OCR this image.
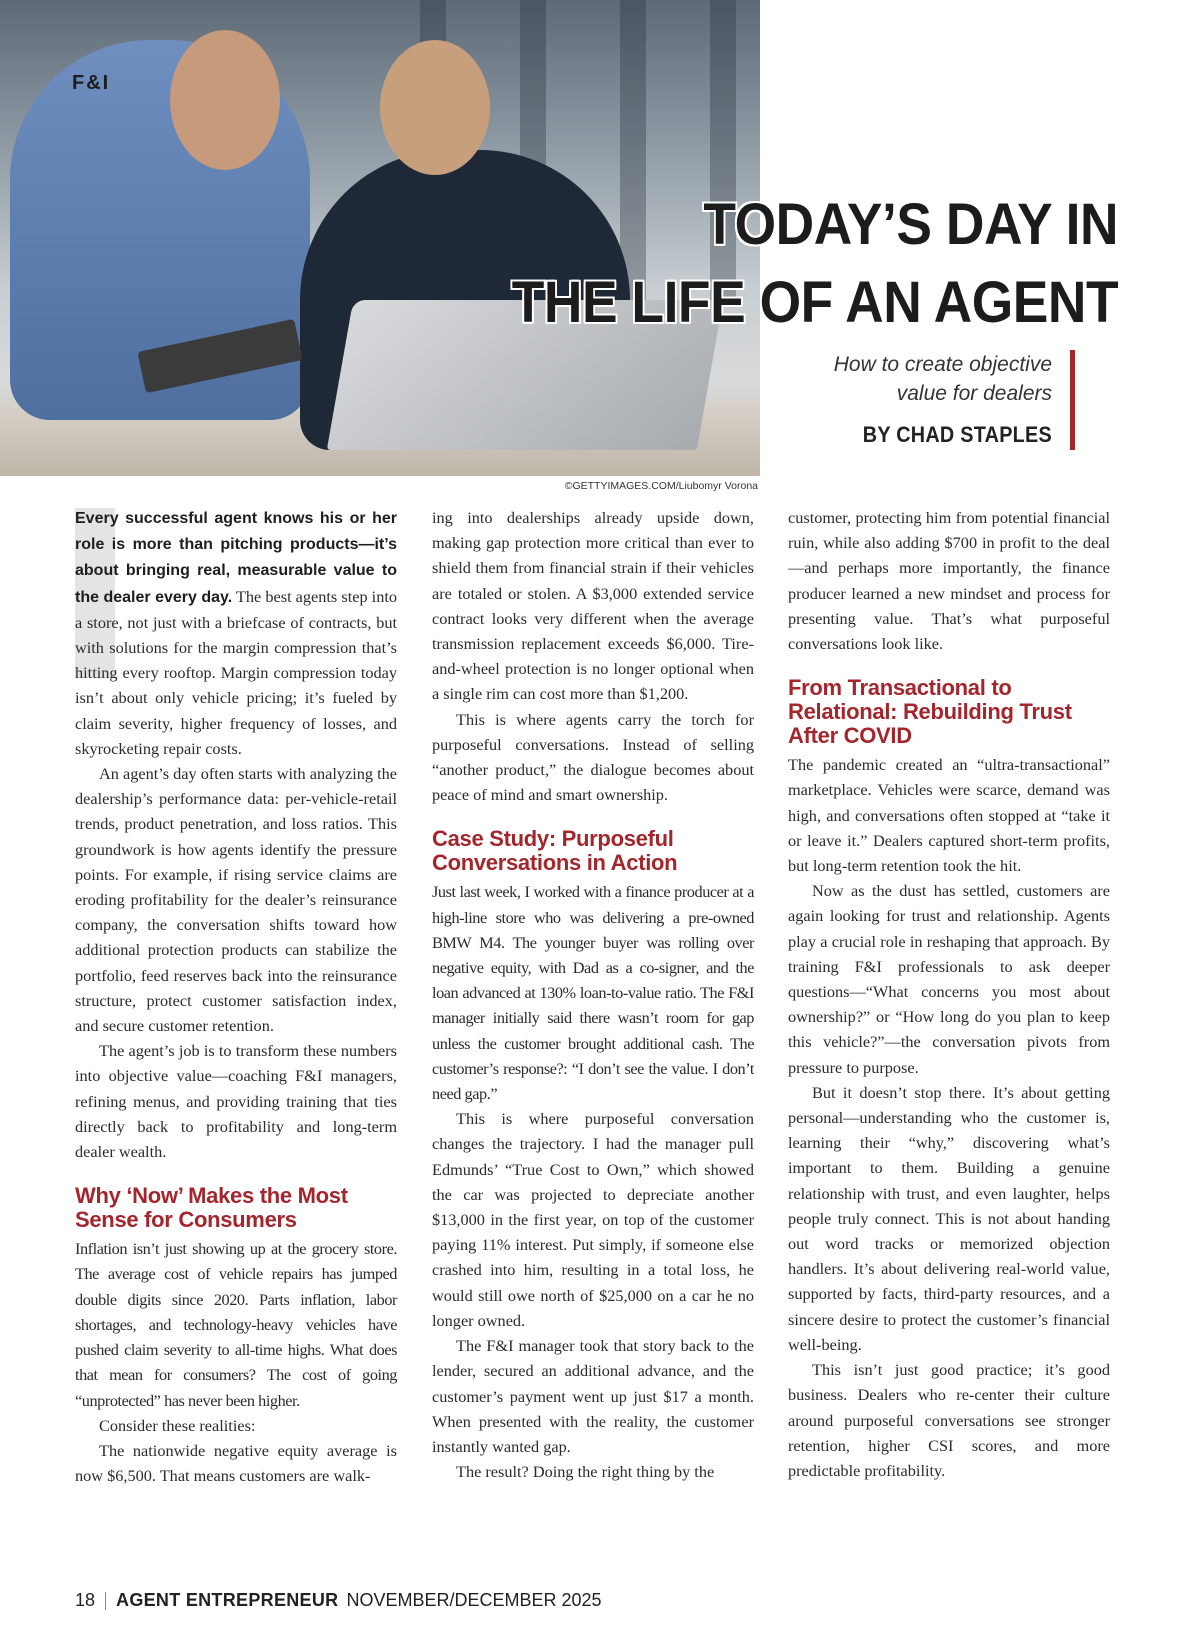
F&I
TODAY’S DAY IN
THE LIFE OF AN AGENT
How to create objective value for dealers
BY CHAD STAPLES
©GETTYIMAGES.COM/Liubomyr Vorona

Every successful agent knows his or her role is more than pitching products—it’s about bringing real, measurable value to the dealer every day. The best agents step into a store, not just with a briefcase of contracts, but with solutions for the margin compression that’s hitting every rooftop. Margin compression today isn’t about only vehicle pricing; it’s fueled by claim severity, higher frequency of losses, and skyrocketing repair costs.

An agent’s day often starts with analyzing the dealership’s performance data: per-vehicle-retail trends, product penetration, and loss ratios. This groundwork is how agents identify the pressure points. For example, if rising service claims are eroding profitability for the dealer’s reinsurance company, the conversation shifts toward how additional protection products can stabilize the portfolio, feed reserves back into the reinsurance structure, protect customer satisfaction index, and secure customer retention.

The agent’s job is to transform these numbers into objective value—coaching F&I managers, refining menus, and providing training that ties directly back to profitability and long-term dealer wealth.

Why ‘Now’ Makes the Most Sense for Consumers

Inflation isn’t just showing up at the grocery store. The average cost of vehicle repairs has jumped double digits since 2020. Parts inflation, labor shortages, and technology-heavy vehicles have pushed claim severity to all-time highs. What does that mean for consumers? The cost of going “unprotected” has never been higher.

Consider these realities:

The nationwide negative equity average is now $6,500. That means customers are walk-

ing into dealerships already upside down, making gap protection more critical than ever to shield them from financial strain if their vehicles are totaled or stolen. A $3,000 extended service contract looks very different when the average transmission replacement exceeds $6,000. Tire-and-wheel protection is no longer optional when a single rim can cost more than $1,200.

This is where agents carry the torch for purposeful conversations. Instead of selling “another product,” the dialogue becomes about peace of mind and smart ownership.

Case Study: Purposeful Conversations in Action

Just last week, I worked with a finance producer at a high-line store who was delivering a pre-owned BMW M4. The younger buyer was rolling over negative equity, with Dad as a co-signer, and the loan advanced at 130% loan-to-value ratio. The F&I manager initially said there wasn’t room for gap unless the customer brought additional cash. The customer’s response?: “I don’t see the value. I don’t need gap.”

This is where purposeful conversation changes the trajectory. I had the manager pull Edmunds’ “True Cost to Own,” which showed the car was projected to depreciate another $13,000 in the first year, on top of the customer paying 11% interest. Put simply, if someone else crashed into him, resulting in a total loss, he would still owe north of $25,000 on a car he no longer owned.

The F&I manager took that story back to the lender, secured an additional advance, and the customer’s payment went up just $17 a month. When presented with the reality, the customer instantly wanted gap.

The result? Doing the right thing by the

customer, protecting him from potential financial ruin, while also adding $700 in profit to the deal—and perhaps more importantly, the finance producer learned a new mindset and process for presenting value. That’s what purposeful conversations look like.

From Transactional to Relational: Rebuilding Trust After COVID

The pandemic created an “ultra-transactional” marketplace. Vehicles were scarce, demand was high, and conversations often stopped at “take it or leave it.” Dealers captured short-term profits, but long-term retention took the hit.

Now as the dust has settled, customers are again looking for trust and relationship. Agents play a crucial role in reshaping that approach. By training F&I professionals to ask deeper questions—“What concerns you most about ownership?” or “How long do you plan to keep this vehicle?”—the conversation pivots from pressure to purpose.

But it doesn’t stop there. It’s about getting personal—understanding who the customer is, learning their “why,” discovering what’s important to them. Building a genuine relationship with trust, and even laughter, helps people truly connect. This is not about handing out word tracks or memorized objection handlers. It’s about delivering real-world value, supported by facts, third-party resources, and a sincere desire to protect the customer’s financial well-being.

This isn’t just good practice; it’s good business. Dealers who re-center their culture around purposeful conversations see stronger retention, higher CSI scores, and more predictable profitability.

18 AGENT ENTREPRENEUR NOVEMBER/DECEMBER 2025
